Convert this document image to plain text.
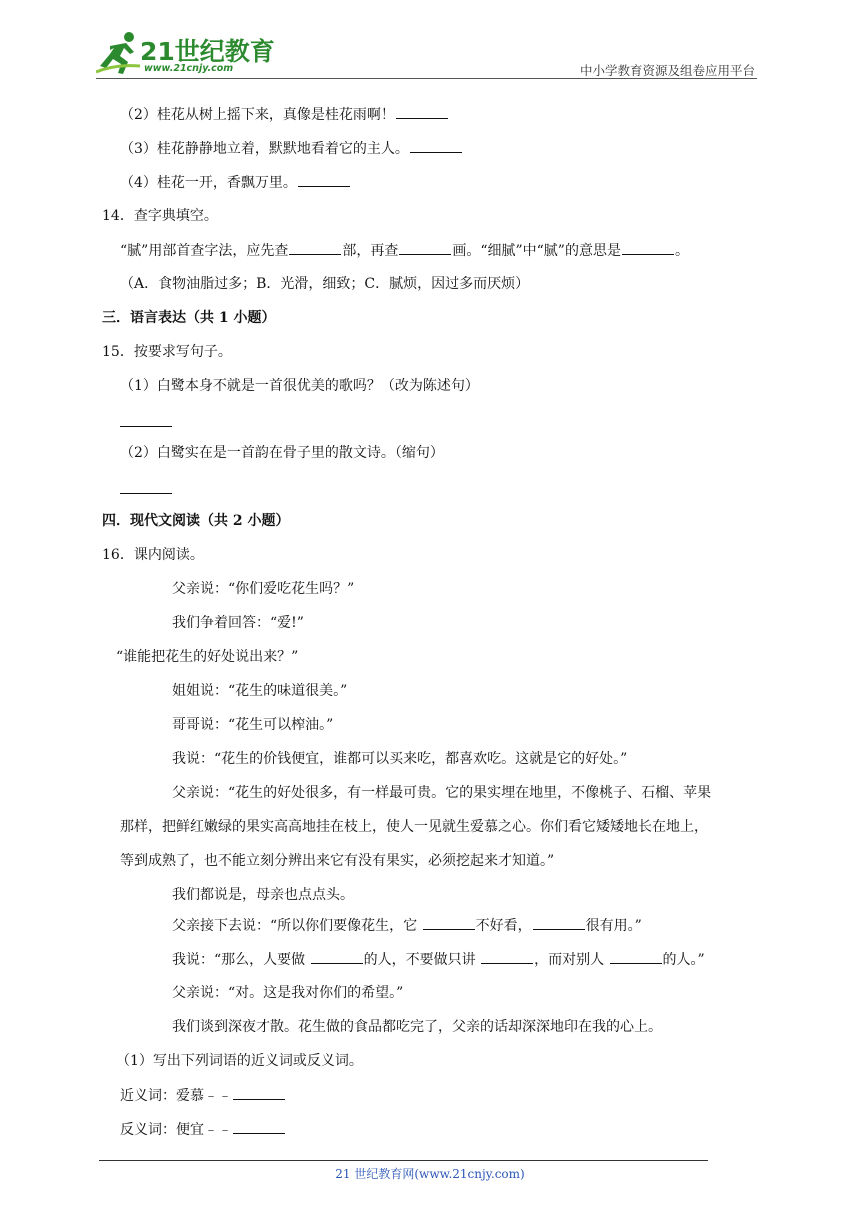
21世纪教育
www.21cnjy.com	中小学教育资源及组卷应用平台
（2）桂花从树上摇下来，真像是桂花雨啊！
（3）桂花静静地立着，默默地看着它的主人。
（4）桂花一开，香飘万里。
14．查字典填空。
“腻”用部首查字法，应先查	部，再查	画。“细腻”中“腻”的意思是	。
（A．食物油脂过多；B．光滑，细致；C．腻烦，因过多而厌烦）
三．语言表达（共 1 小题）
15．按要求写句子。
（1）白鹭本身不就是一首很优美的歌吗？（改为陈述句）
（2）白鹭实在是一首韵在骨子里的散文诗。（缩句）
四．现代文阅读（共 2 小题）
16．课内阅读。
父亲说：“你们爱吃花生吗？”
我们争着回答：“爱!”
“谁能把花生的好处说出来？”
姐姐说：“花生的味道很美。”
哥哥说：“花生可以榨油。”
我说：“花生的价钱便宜，谁都可以买来吃，都喜欢吃。这就是它的好处。”
父亲说：“花生的好处很多，有一样最可贵。它的果实埋在地里，不像桃子、石榴、苹果
那样，把鲜红嫩绿的果实高高地挂在枝上，使人一见就生爱慕之心。你们看它矮矮地长在地上，
等到成熟了，也不能立刻分辨出来它有没有果实，必须挖起来才知道。”
我们都说是，母亲也点点头。
父亲接下去说：“所以你们要像花生，它	不好看，	很有用。”
我说：“那么，人要做	的人，不要做只讲	，而对别人	的人。”
父亲说：“对。这是我对你们的希望。”
我们谈到深夜才散。花生做的食品都吃完了，父亲的话却深深地印在我的心上。
（1）写出下列词语的近义词或反义词。
近义词：爱慕﹣﹣
反义词：便宜﹣﹣
21 世纪教育网(www.21cnjy.com)
